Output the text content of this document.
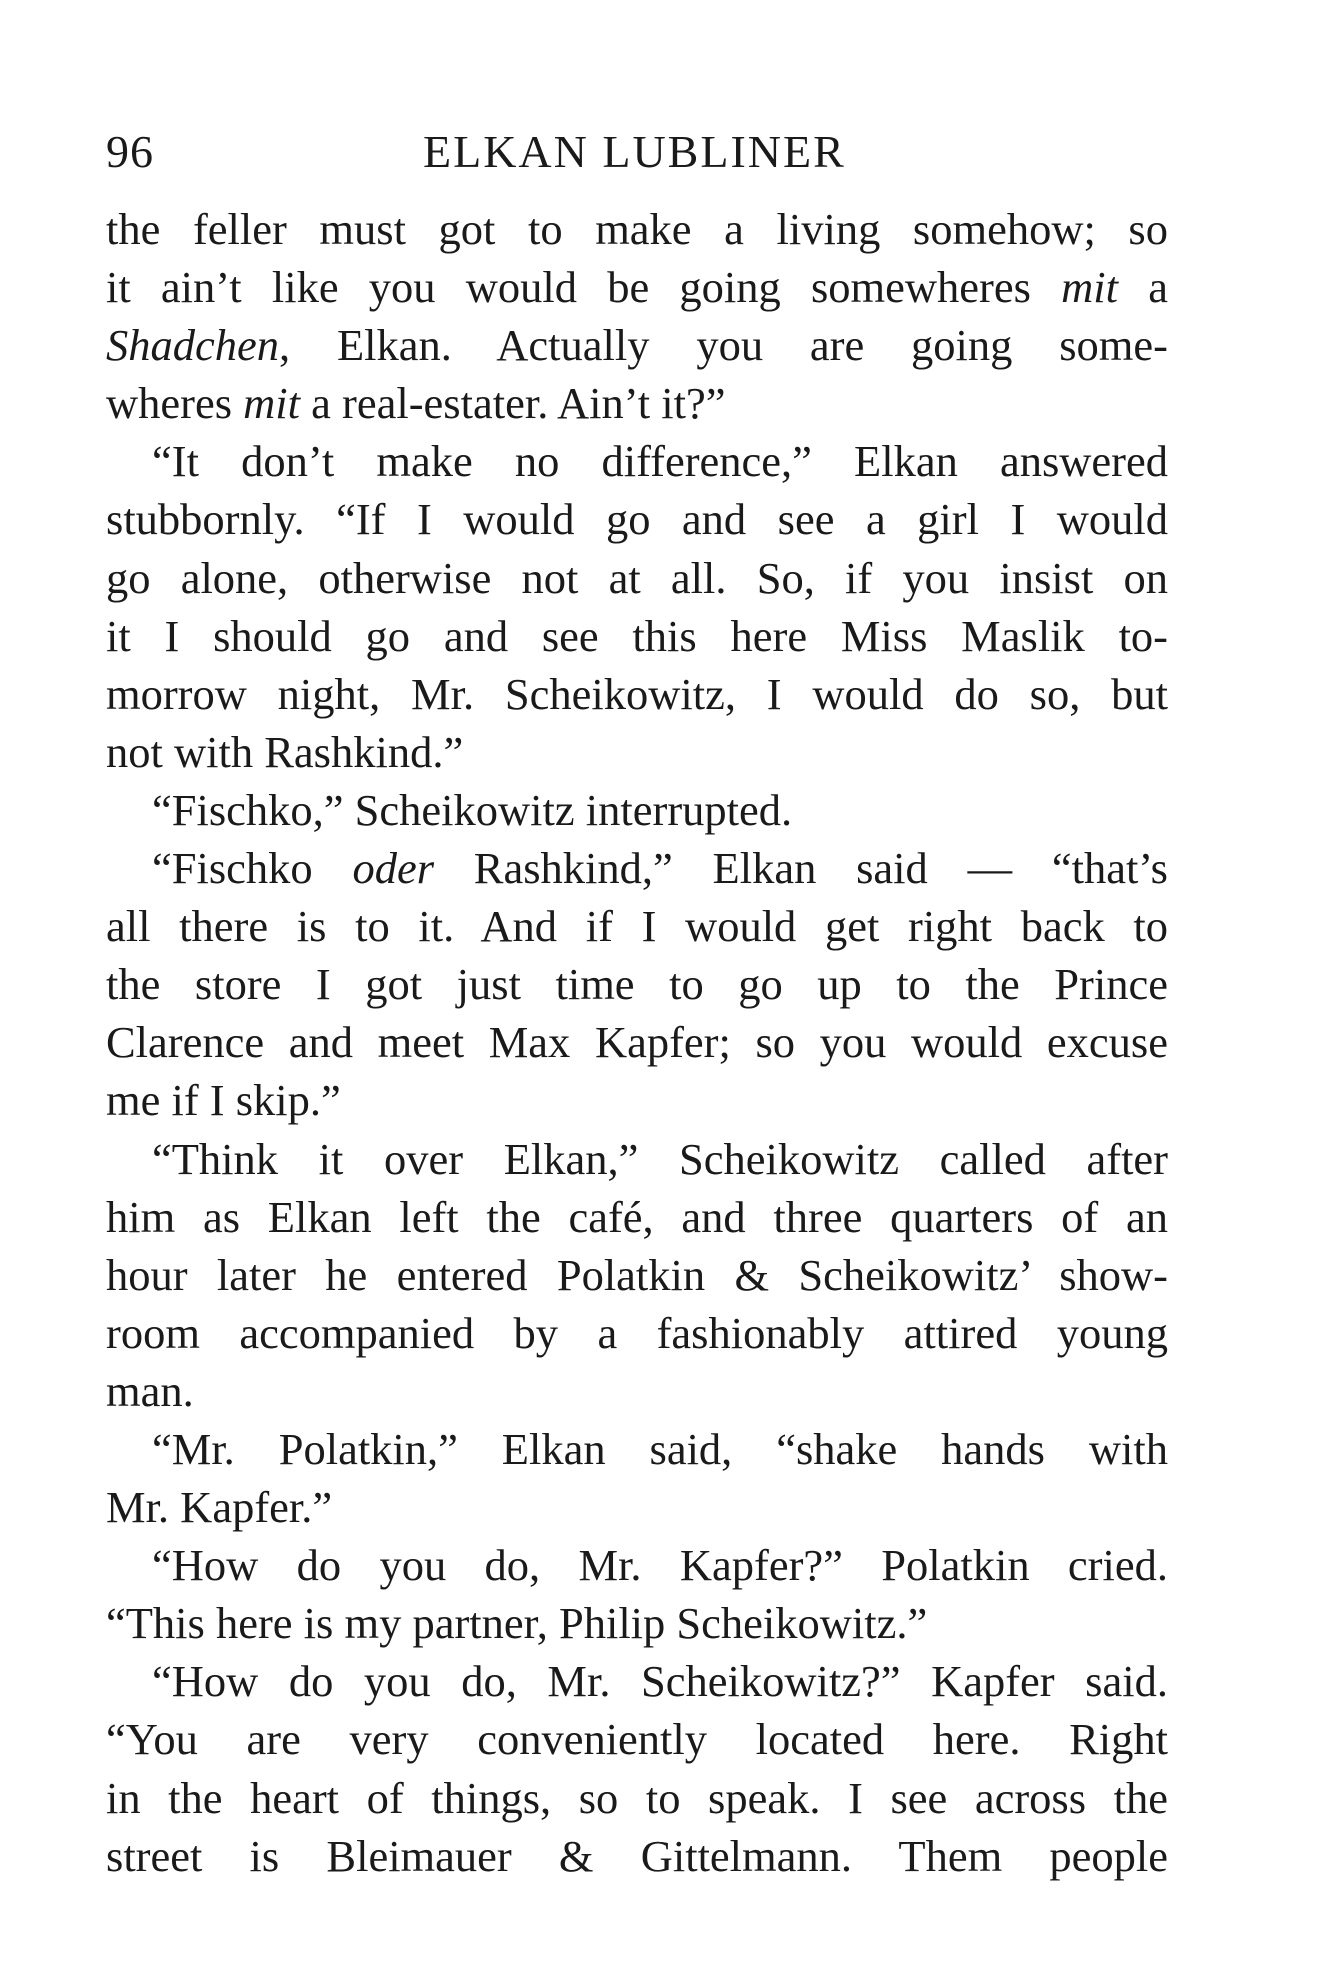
96	ELKAN LUBLINER
the feller must got to make a living somehow; so
it ain’t like you would be going somewheres mit a
Shadchen, Elkan. Actually you are going some-
wheres mit a real-estater. Ain’t it?”
“It don’t make no difference,” Elkan answered
stubbornly. “If I would go and see a girl I would
go alone, otherwise not at all. So, if you insist on
it I should go and see this here Miss Maslik to-
morrow night, Mr. Scheikowitz, I would do so, but
not with Rashkind.”
“Fischko,” Scheikowitz interrupted.
“Fischko oder Rashkind,” Elkan said — “that’s
all there is to it. And if I would get right back to
the store I got just time to go up to the Prince
Clarence and meet Max Kapfer; so you would excuse
me if I skip.”
“Think it over Elkan,” Scheikowitz called after
him as Elkan left the café, and three quarters of an
hour later he entered Polatkin & Scheikowitz’ show-
room accompanied by a fashionably attired young
man.
“Mr. Polatkin,” Elkan said, “shake hands with
Mr. Kapfer.”
“How do you do, Mr. Kapfer?” Polatkin cried.
“This here is my partner, Philip Scheikowitz.”
“How do you do, Mr. Scheikowitz?” Kapfer said.
“You are very conveniently located here. Right
in the heart of things, so to speak. I see across the
street is Bleimauer & Gittelmann. Them people
